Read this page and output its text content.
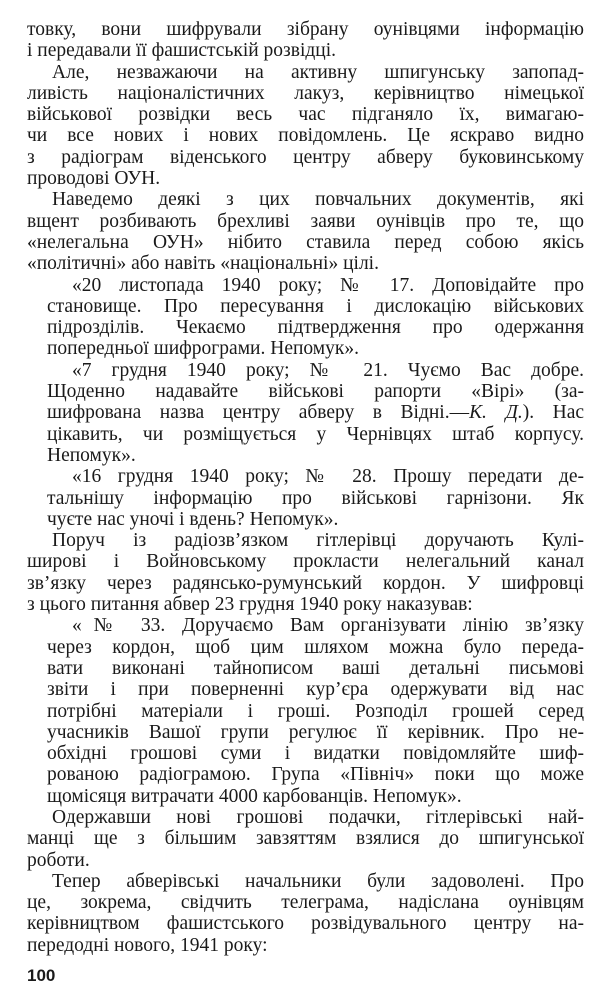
товку, вони шифрували зібрану оунівцями інформацію
і передавали її фашистській розвідці.
Але, незважаючи на активну шпигунську запопад-
ливість націоналістичних лакуз, керівництво німецької
військової розвідки весь час підганяло їх, вимагаю-
чи все нових і нових повідомлень. Це яскраво видно
з радіограм віденського центру абверу буковинському
проводові ОУН.
Наведемо деякі з цих повчальних документів, які
вщент розбивають брехливі заяви оунівців про те, що
«нелегальна ОУН» нібито ставила перед собою якісь
«політичні» або навіть «національні» цілі.
«20 листопада 1940 року; № 17. Доповідайте про
становище. Про пересування і дислокацію військових
підрозділів. Чекаємо підтвердження про одержання
попередньої шифрограми. Непомук».
«7 грудня 1940 року; № 21. Чуємо Вас добре.
Щоденно надавайте військові рапорти «Вірі» (за-
шифрована назва центру абверу в Відні.—К. Д.). Нас
цікавить, чи розміщується у Чернівцях штаб корпусу.
Непомук».
«16 грудня 1940 року; № 28. Прошу передати де-
тальнішу інформацію про військові гарнізони. Як
чуєте нас уночі і вдень? Непомук».
Поруч із радіозв’язком гітлерівці доручають Кулі-
широві і Войновському прокласти нелегальний канал
зв’язку через радянсько-румунський кордон. У шифровці
з цього питання абвер 23 грудня 1940 року наказував:
«№ 33. Доручаємо Вам організувати лінію зв’язку
через кордон, щоб цим шляхом можна було переда-
вати виконані тайнописом ваші детальні письмові
звіти і при поверненні кур’єра одержувати від нас
потрібні матеріали і гроші. Розподіл грошей серед
учасників Вашої групи регулює її керівник. Про не-
обхідні грошові суми і видатки повідомляйте шиф-
рованою радіограмою. Група «Північ» поки що може
щомісяця витрачати 4000 карбованців. Непомук».
Одержавши нові грошові подачки, гітлерівські най-
манці ще з більшим завзяттям взялися до шпигунської
роботи.
Тепер абверівські начальники були задоволені. Про
це, зокрема, свідчить телеграма, надіслана оунівцям
керівництвом фашистського розвідувального центру на-
передодні нового, 1941 року:
100
